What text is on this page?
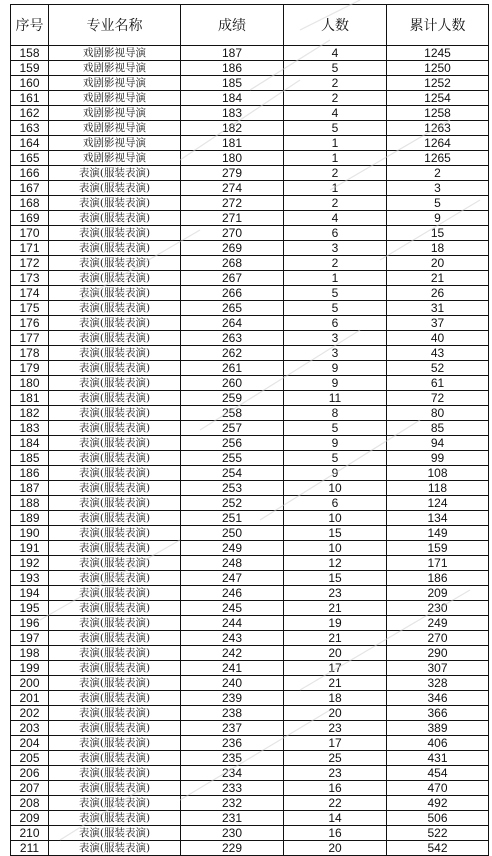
序号	专业名称	成绩	人数	累计人数
158	戏剧影视导演	187	4	1245
159	戏剧影视导演	186	5	1250
160	戏剧影视导演	185	2	1252
161	戏剧影视导演	184	2	1254
162	戏剧影视导演	183	4	1258
163	戏剧影视导演	182	5	1263
164	戏剧影视导演	181	1	1264
165	戏剧影视导演	180	1	1265
166	表演(服装表演)	279	2	2
167	表演(服装表演)	274	1	3
168	表演(服装表演)	272	2	5
169	表演(服装表演)	271	4	9
170	表演(服装表演)	270	6	15
171	表演(服装表演)	269	3	18
172	表演(服装表演)	268	2	20
173	表演(服装表演)	267	1	21
174	表演(服装表演)	266	5	26
175	表演(服装表演)	265	5	31
176	表演(服装表演)	264	6	37
177	表演(服装表演)	263	3	40
178	表演(服装表演)	262	3	43
179	表演(服装表演)	261	9	52
180	表演(服装表演)	260	9	61
181	表演(服装表演)	259	11	72
182	表演(服装表演)	258	8	80
183	表演(服装表演)	257	5	85
184	表演(服装表演)	256	9	94
185	表演(服装表演)	255	5	99
186	表演(服装表演)	254	9	108
187	表演(服装表演)	253	10	118
188	表演(服装表演)	252	6	124
189	表演(服装表演)	251	10	134
190	表演(服装表演)	250	15	149
191	表演(服装表演)	249	10	159
192	表演(服装表演)	248	12	171
193	表演(服装表演)	247	15	186
194	表演(服装表演)	246	23	209
195	表演(服装表演)	245	21	230
196	表演(服装表演)	244	19	249
197	表演(服装表演)	243	21	270
198	表演(服装表演)	242	20	290
199	表演(服装表演)	241	17	307
200	表演(服装表演)	240	21	328
201	表演(服装表演)	239	18	346
202	表演(服装表演)	238	20	366
203	表演(服装表演)	237	23	389
204	表演(服装表演)	236	17	406
205	表演(服装表演)	235	25	431
206	表演(服装表演)	234	23	454
207	表演(服装表演)	233	16	470
208	表演(服装表演)	232	22	492
209	表演(服装表演)	231	14	506
210	表演(服装表演)	230	16	522
211	表演(服装表演)	229	20	542
